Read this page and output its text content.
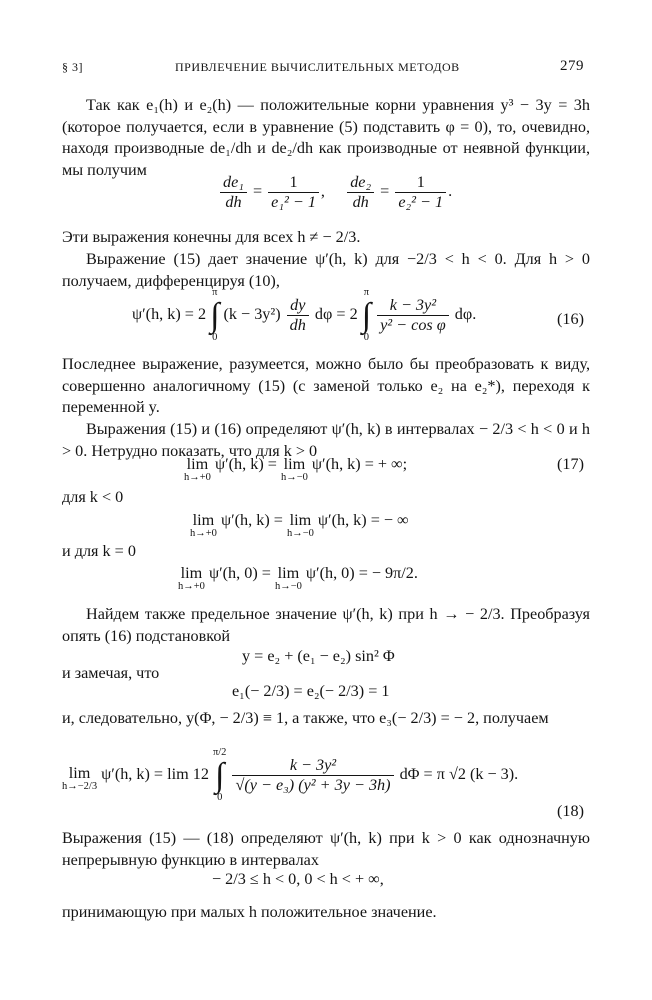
§ 3]	ПРИВЛЕЧЕНИЕ ВЫЧИСЛИТЕЛЬНЫХ МЕТОДОВ	279
Так как e₁(h) и e₂(h) — положительные корни уравнения y³ − 3y = 3h (которое получается, если в уравнение (5) подставить φ = 0), то, очевидно, находя производные de₁/dh и de₂/dh как производные от неявной функции, мы получим
$\frac{\text{de₁}}{dh} = \frac{1}{\text{e₁² − 1}}$ , $\frac{\text{de₂}}{dh} = \frac{1}{\text{e₂² − 1}}$ .
Эти выражения конечны для всех h ≠ − 2/3.
Выражение (15) дает значение ψ′(h, k) для −2/3 < h < 0. Для h > 0 получаем, дифференцируя (10),
ψ′(h, k) = 2
π
∫
0
$(k - 3y^2) \frac{dy}{dh}$ dφ = 2
π
∫
0

$\frac{\text{k − 3y²}}{\text{y² − cos φ}} d\varphi$.	(16)
Последнее выражение, разумеется, можно было бы преобразовать к виду, совершенно аналогичному (15) (с заменой только e₂ на e₂*), переходя к переменной y.
Выражения (15) и (16) определяют ψ′(h, k) в интервалах − 2/3 < h < 0 и h > 0. Нетрудно показать, что для k > 0
lim
h→+0
ψ′(h, k) = lim
h→−0
ψ′(h, k) = + ∞;	(17)
для k < 0
lim
h→+0
ψ′(h, k) = lim
h→−0
ψ′(h, k) = − ∞
и для k = 0
lim
h→+0
ψ′(h, 0) = lim
h→−0
ψ′(h, 0) = − 9π/2.
Найдем также предельное значение ψ′(h, k) при h → − 2/3. Преобразуя опять (16) подстановкой
y = e₂ + (e₁ − e₂) sin² Φ
и замечая, что
e₁(− 2/3) = e₂(− 2/3) = 1
и, следовательно, y(Φ, − 2/3) ≡ 1, а также, что e₃(− 2/3) = − 2, получаем
lim
h→−2/3
ψ′(h, k) = lim 12
π/2
∫
0

$\frac{\text{k − 3y²}}{\text{√(y − e₃) (y² + 3y − 3h)}}$ dΦ = π √2 (k − 3).
(18)
Выражения (15) — (18) определяют ψ′(h, k) при k > 0 как однозначную непрерывную функцию в интервалах
− 2/3 ≤ h < 0, 0 < h < + ∞,
принимающую при малых h положительное значение.
